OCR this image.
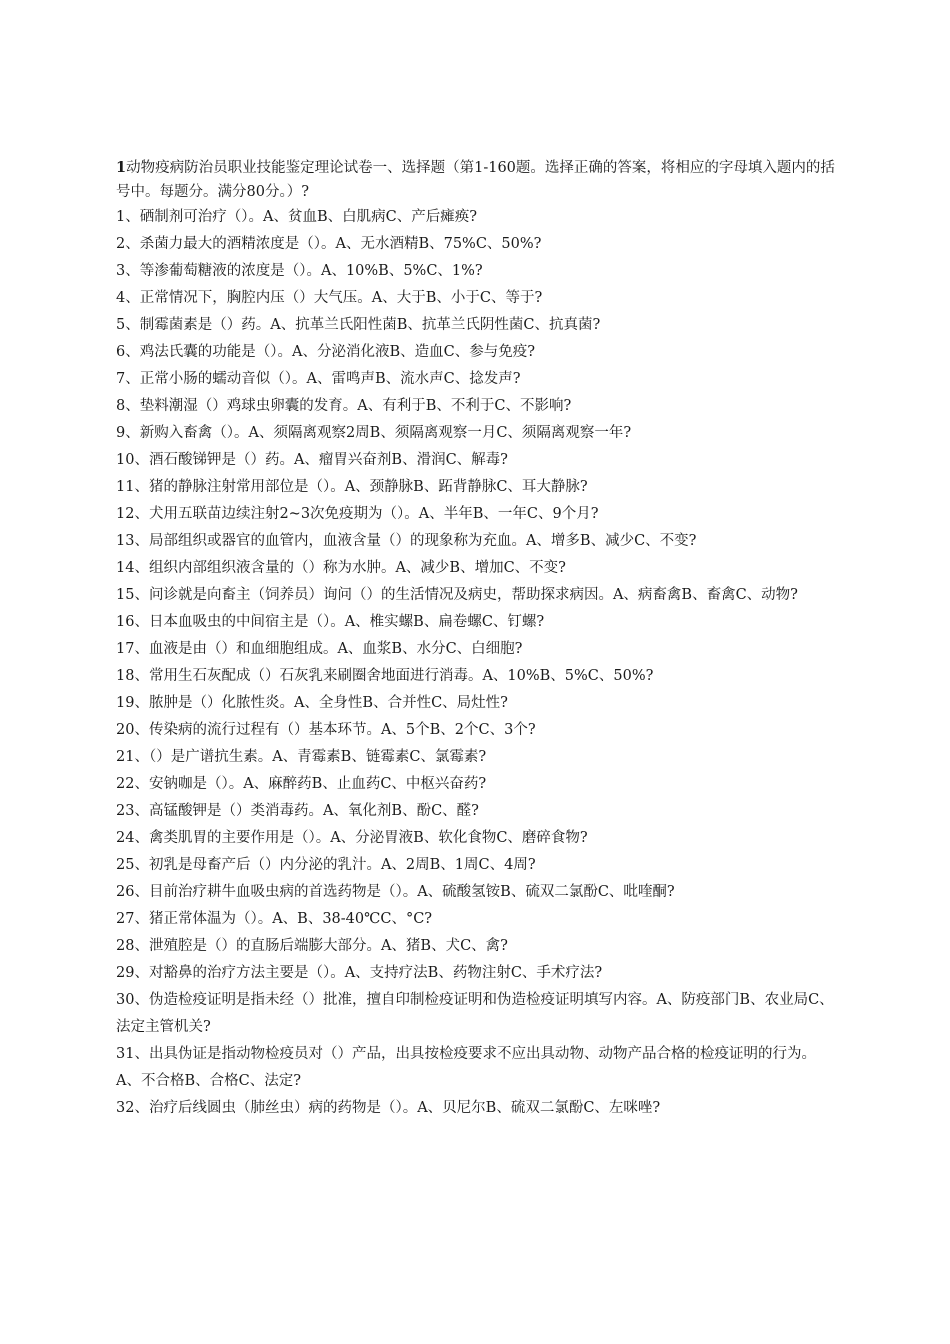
1动物疫病防治员职业技能鉴定理论试卷一、选择题（第1-160题。选择正确的答案，将相应的字母填入题内的括号中。每题分。满分80分。）?

1、硒制剂可治疗（）。A、贫血B、白肌病C、产后瘫痪?
2、杀菌力最大的酒精浓度是（）。A、无水酒精B、75%C、50%?
3、等渗葡萄糖液的浓度是（）。A、10%B、5%C、1%?
4、正常情况下，胸腔内压（）大气压。A、大于B、小于C、等于?
5、制霉菌素是（）药。A、抗革兰氏阳性菌B、抗革兰氏阴性菌C、抗真菌?
6、鸡法氏囊的功能是（）。A、分泌消化液B、造血C、参与免疫?
7、正常小肠的蠕动音似（）。A、雷鸣声B、流水声C、捻发声?
8、垫料潮湿（）鸡球虫卵囊的发育。A、有利于B、不利于C、不影响?
9、新购入畜禽（）。A、须隔离观察2周B、须隔离观察一月C、须隔离观察一年?
10、酒石酸锑钾是（）药。A、瘤胃兴奋剂B、滑润C、解毒?
11、猪的静脉注射常用部位是（）。A、颈静脉B、跖背静脉C、耳大静脉?
12、犬用五联苗边续注射2~3次免疫期为（）。A、半年B、一年C、9个月?
13、局部组织或器官的血管内，血液含量（）的现象称为充血。A、增多B、减少C、不变?
14、组织内部组织液含量的（）称为水肿。A、减少B、增加C、不变?
15、问诊就是向畜主（饲养员）询问（）的生活情况及病史，帮助探求病因。A、病畜禽B、畜禽C、动物?
16、日本血吸虫的中间宿主是（）。A、椎实螺B、扁卷螺C、钉螺?
17、血液是由（）和血细胞组成。A、血浆B、水分C、白细胞?
18、常用生石灰配成（）石灰乳来刷圈舍地面进行消毒。A、10%B、5%C、50%?
19、脓肿是（）化脓性炎。A、全身性B、合并性C、局灶性?
20、传染病的流行过程有（）基本环节。A、5个B、2个C、3个?
21、（）是广谱抗生素。A、青霉素B、链霉素C、氯霉素?
22、安钠咖是（）。A、麻醉药B、止血药C、中枢兴奋药?
23、高锰酸钾是（）类消毒药。A、氧化剂B、酚C、醛?
24、禽类肌胃的主要作用是（）。A、分泌胃液B、软化食物C、磨碎食物?
25、初乳是母畜产后（）内分泌的乳汁。A、2周B、1周C、4周?
26、目前治疗耕牛血吸虫病的首选药物是（）。A、硫酸氢铵B、硫双二氯酚C、吡喹酮?
27、猪正常体温为（）。A、B、38-40℃C、°C?
28、泄殖腔是（）的直肠后端膨大部分。A、猪B、犬C、禽?
29、对豁鼻的治疗方法主要是（）。A、支持疗法B、药物注射C、手术疗法?
30、伪造检疫证明是指未经（）批准，擅自印制检疫证明和伪造检疫证明填写内容。A、防疫部门B、农业局C、法定主管机关?
31、出具伪证是指动物检疫员对（）产品，出具按检疫要求不应出具动物、动物产品合格的检疫证明的行为。A、不合格B、合格C、法定?
32、治疗后线圆虫（肺丝虫）病的药物是（）。A、贝尼尔B、硫双二氯酚C、左咪唑?
